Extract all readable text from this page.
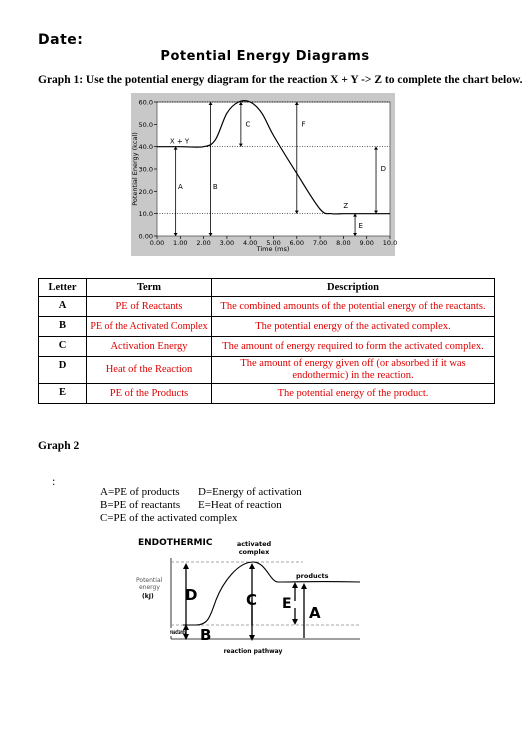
Date:
Potential Energy Diagrams
Graph 1: Use the potential energy diagram for the reaction X + Y -> Z to complete the chart below.
0.00
10.0
20.0
30.0
40.0
50.0
60.0
0.00 1.00 2.00 3.00 4.00 5.00 6.00 7.00 8.00 9.00 10.0
X + Y
Z
A	B
C
D
E
F
Potential Energy (kcal)
Time (ms)
Letter	Term	Description
A	PE of Reactants	The combined amounts of the potential energy of the reactants.
B	PE of the Activated Complex	The potential energy of the activated complex.
C	Activation Energy	The amount of energy required to form the activated complex.
D	Heat of the Reaction	The amount of energy given off (or absorbed if it was endothermic) in the reaction.
E	PE of the Products	The potential energy of the product.
Graph 2
:
A=PE of products D=Energy of activation
B=PE of reactants E=Heat of reaction
C=PE of the activated complex
ENDOTHERMIC	activated
complex
Potential
energy
(kJ)
products
reactants
D	C E A
B
reaction pathway
